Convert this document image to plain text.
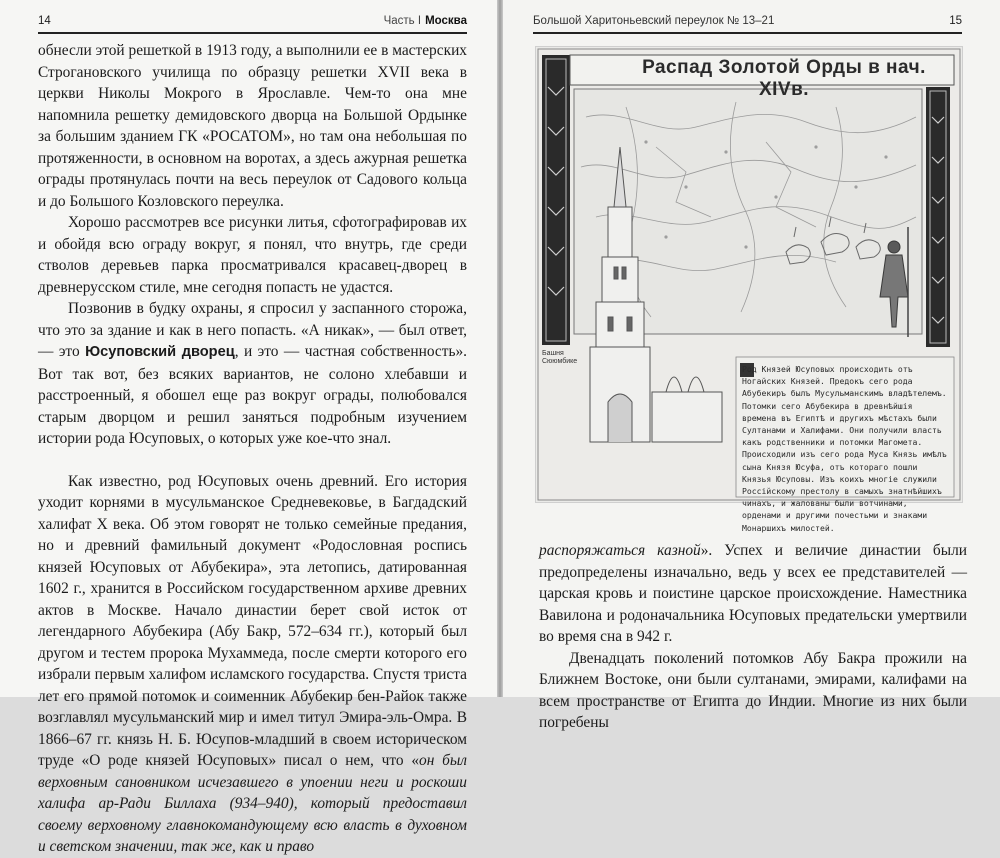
14	Часть I Москва

обнесли этой решеткой в 1913 году, а выполнили ее в мастерских Строгановского училища по образцу решетки XVII века в церкви Николы Мокрого в Ярославле. Чем-то она мне напомнила решетку демидовского дворца на Большой Ордынке за большим зданием ГК «РОСАТОМ», но там она небольшая по протяженности, в основном на воротах, а здесь ажурная решетка ограды протянулась почти на весь переулок от Садового кольца и до Большого Козловского переулка.

Хорошо рассмотрев все рисунки литья, сфотографировав их и обойдя всю ограду вокруг, я понял, что внутрь, где среди стволов деревьев парка просматривался красавец-дворец в древнерусском стиле, мне сегодня попасть не удастся.

Позвонив в будку охраны, я спросил у заспанного сторожа, что это за здание и как в него попасть. «А никак», — был ответ, — это Юсуповский дворец, и это — частная собственность». Вот так вот, без всяких вариантов, не солоно хлебавши и расстроенный, я обошел еще раз вокруг ограды, полюбовался старым дворцом и решил заняться подробным изучением истории рода Юсуповых, о которых уже кое-что знал.

Как известно, род Юсуповых очень древний. Его история уходит корнями в мусульманское Средневековье, в Багдадский халифат X века. Об этом говорят не только семейные предания, но и древний фамильный документ «Родословная роспись князей Юсуповых от Абубекира», эта летопись, датированная 1602 г., хранится в Российском государственном архиве древних актов в Москве. Начало династии берет свой исток от легендарного Абубекира (Абу Бакр, 572–634 гг.), который был другом и тестем пророка Мухаммеда, после смерти которого его избрали первым халифом исламского государства. Спустя триста лет его прямой потомок и соименник Абубекир бен-Райок также возглавлял мусульманский мир и имел титул Эмира-эль-Омра. В 1866–67 гг. князь Н. Б. Юсупов-младший в своем историческом труде «О роде князей Юсуповых» писал о нем, что «он был верховным сановником исчезавшего в упоении неги и роскоши халифа ар-Ради Биллаха (934–940), который предоставил своему верховному главнокомандующему всю власть в духовном и светском значении, так же, как и право

Большой Харитоньевский переулок № 13–21	15
Распад Золотой Орды в нач. XIVв.
Башня Сююмбике
Род Князей Юсуповых происходить отъ Ногайских Князей. Предокъ сего рода Абубекиръ былъ Мусульманскимъ владѣтелемъ. Потомки сего Абубекира в древнѣйшія времена въ Египтѣ и другихъ мѣстахъ были Султанами и Халифами. Они получили власть какъ родственники и потомки Магомета. Происходили изъ сего рода Муса Князь имѣлъ сына Князя Юсуфа, отъ котораго пошли Князья Юсуповы. Изъ коихъ многіе служили Россійскому престолу в самыхъ знатнѣйшихъ чинахъ, и жалованы были вотчинами, орденами и другими почестьми и знаками Монаршихъ милостей.

распоряжаться казной». Успех и величие династии были предопределены изначально, ведь у всех ее представителей — царская кровь и поистине царское происхождение. Наместника Вавилона и родоначальника Юсуповых предательски умертвили во время сна в 942 г.

Двенадцать поколений потомков Абу Бакра прожили на Ближнем Востоке, они были султанами, эмирами, калифами на всем пространстве от Египта до Индии. Многие из них были погребены
